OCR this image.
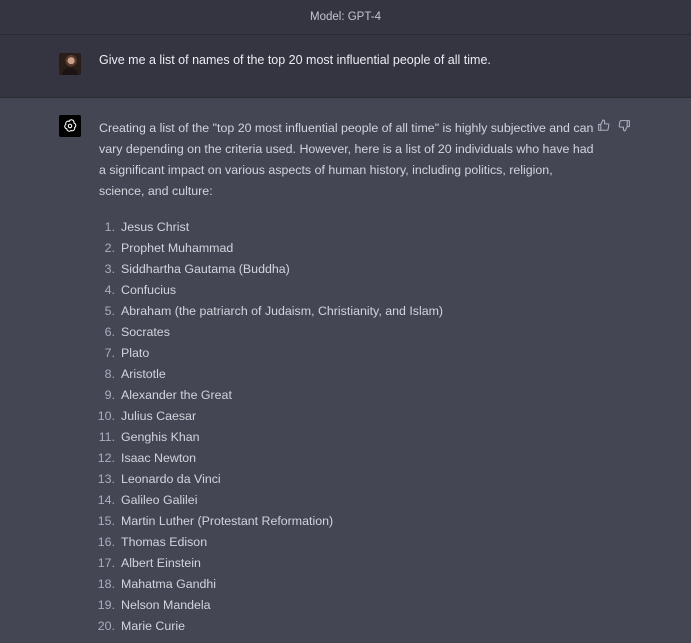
Model: GPT-4
Give me a list of names of the top 20 most influential people of all time.

Creating a list of the "top 20 most influential people of all time" is highly subjective and can vary depending on the criteria used. However, here is a list of 20 individuals who have had a significant impact on various aspects of human history, including politics, religion, science, and culture:

1. Jesus Christ
2. Prophet Muhammad
3. Siddhartha Gautama (Buddha)
4. Confucius
5. Abraham (the patriarch of Judaism, Christianity, and Islam)
6. Socrates
7. Plato
8. Aristotle
9. Alexander the Great
10. Julius Caesar
11. Genghis Khan
12. Isaac Newton
13. Leonardo da Vinci
14. Galileo Galilei
15. Martin Luther (Protestant Reformation)
16. Thomas Edison
17. Albert Einstein
18. Mahatma Gandhi
19. Nelson Mandela
20. Marie Curie
